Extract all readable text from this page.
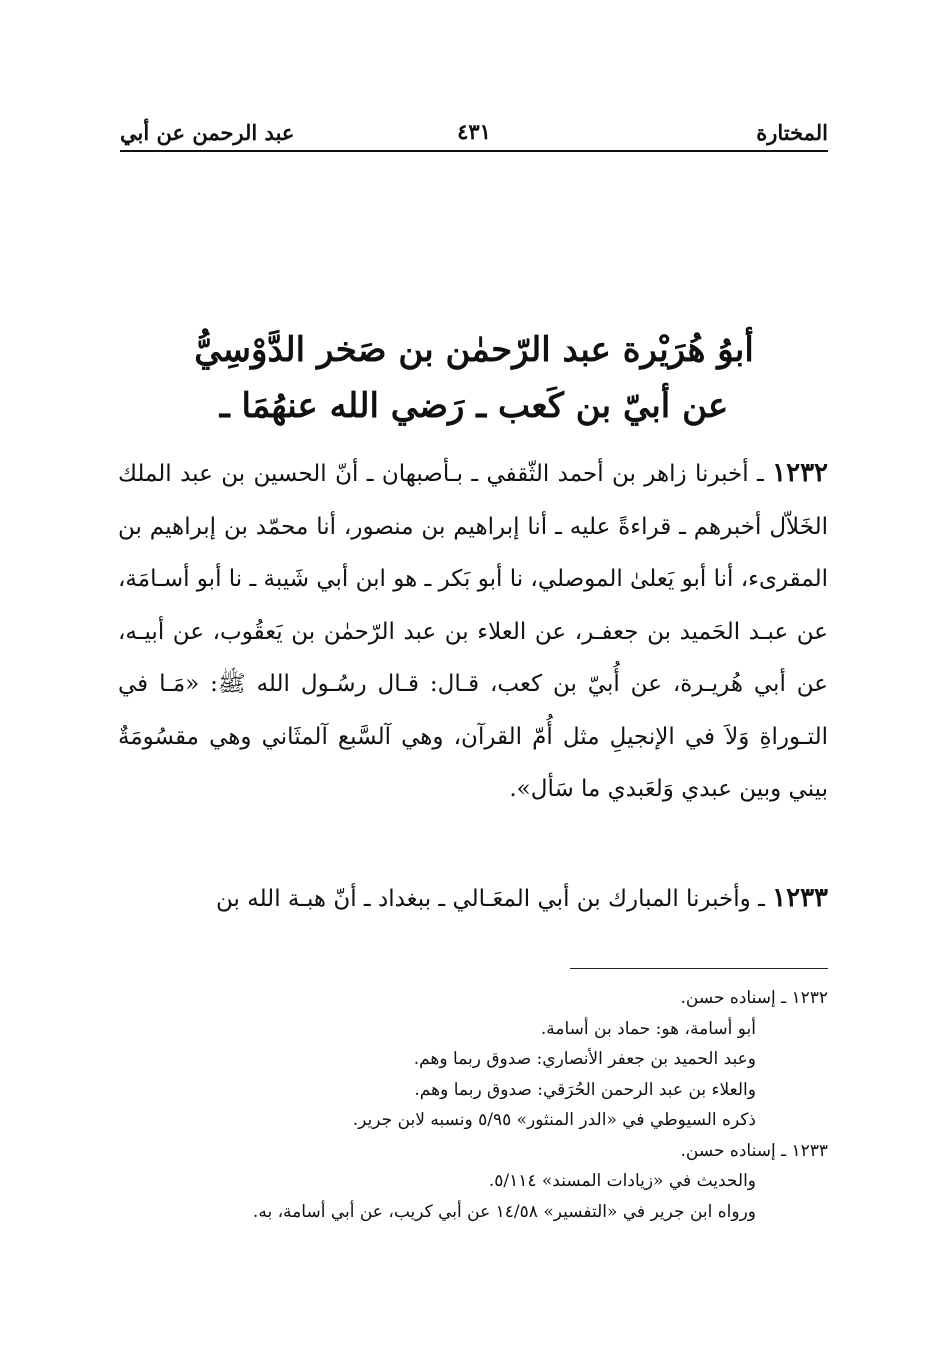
المختارة
٤٣١
عبد الرحمن عن أبي
أبوُ هُرَيْرة عبد الرّحمٰن بن صَخر الدَّوْسِيُّ
عن أبيّ بن كَعب ـ رَضي الله عنهُمَا ـ
١٢٣٢ ـ أخبرنا زاهر بن أحمد الثّقفي ـ بـأصبهان ـ أنّ الحسين بن عبد الملك الخَلاّل أخبرهم ـ قراءةً عليه ـ أنا إبراهيم بن منصور، أنا محمّد بن إبراهيم بن المقرىء، أنا أبو يَعلىٰ الموصلي، نا أبو بَكر ـ هو ابن أبي شَيبة ـ نا أبو أسـامَة، عن عبـد الحَميد بن جعفـر، عن العلاء بن عبد الرّحمٰن بن يَعقُوب، عن أبيـه، عن أبي هُريـرة، عن أُبيّ بن كعب، قـال: قـال رسُـول الله ﷺ: «مَـا في التـوراةِ وَلاَ في الإنجيلِ مثل أُمّ القرآن، وهي آلسَّبع آلمثَاني وهي مقسُومَةٌ بيني وبين عبدي وَلعَبدي ما سَأل».
١٢٣٣ ـ وأخبرنا المبارك بن أبي المعَـالي ـ ببغداد ـ أنّ هبـة الله بن
١٢٣٢ ـ إسناده حسن.
أبو أسامة، هو: حماد بن أسامة.
وعبد الحميد بن جعفر الأنصاري: صدوق ربما وهم.
والعلاء بن عبد الرحمن الحُرَقي: صدوق ربما وهم.
ذكره السيوطي في «الدر المنثور» ٥/٩٥ ونسبه لابن جرير.
١٢٣٣ ـ إسناده حسن.
والحديث في «زيادات المسند» ٥/١١٤.
ورواه ابن جرير في «التفسير» ١٤/٥٨ عن أبي كريب، عن أبي أسامة، به.
